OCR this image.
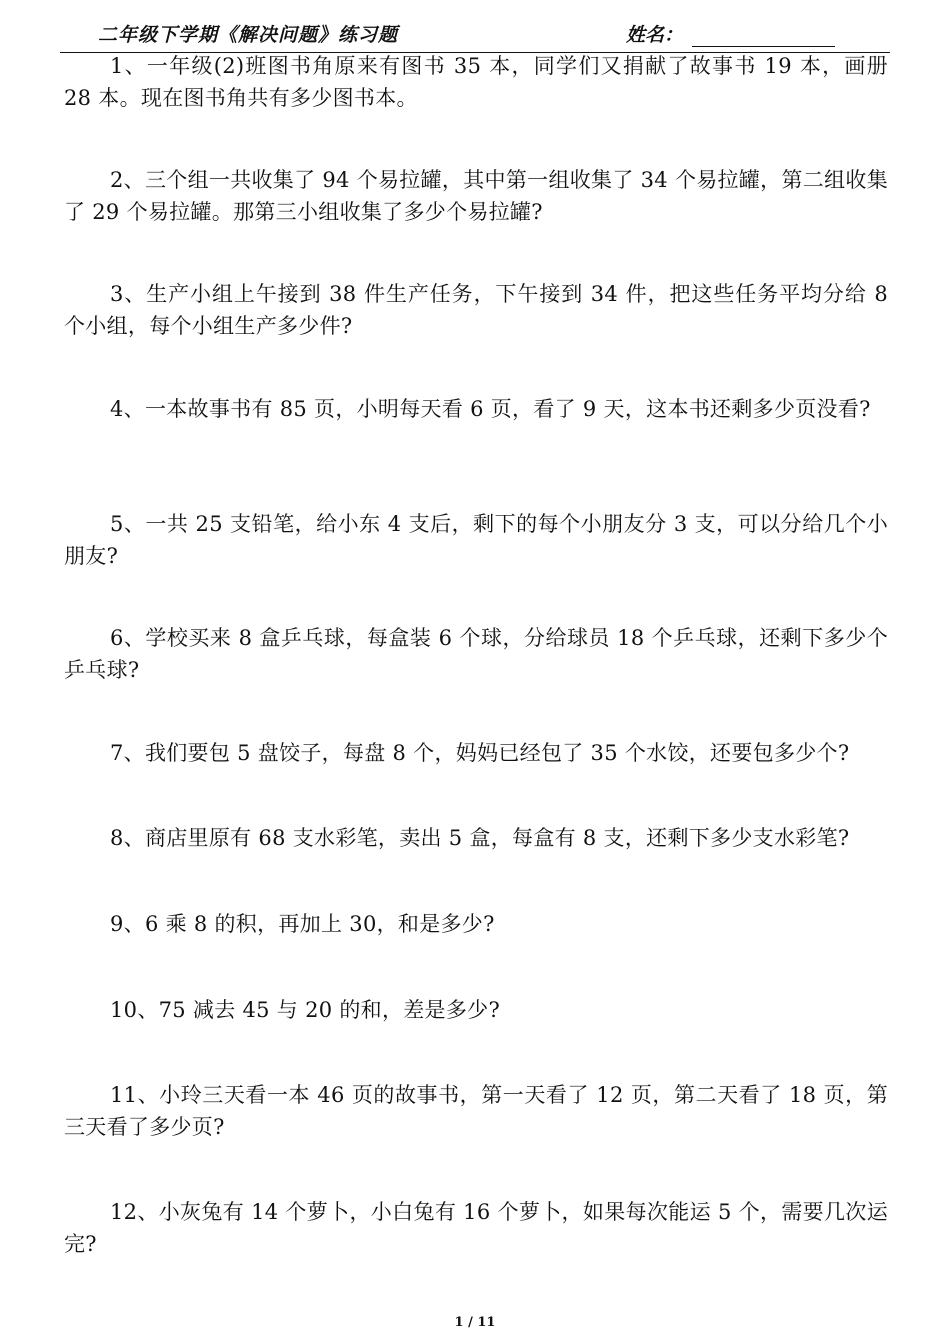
二年级下学期《解决问题》练习题	姓名：
1、一年级(2)班图书角原来有图书 35 本，同学们又捐献了故事书 19 本，画册 28 本。现在图书角共有多少图书本。
2、三个组一共收集了 94 个易拉罐，其中第一组收集了 34 个易拉罐，第二组收集了 29 个易拉罐。那第三小组收集了多少个易拉罐?
3、生产小组上午接到 38 件生产任务，下午接到 34 件，把这些任务平均分给 8 个小组，每个小组生产多少件?
4、一本故事书有 85 页，小明每天看 6 页，看了 9 天，这本书还剩多少页没看?
5、一共 25 支铅笔，给小东 4 支后，剩下的每个小朋友分 3 支，可以分给几个小朋友?
6、学校买来 8 盒乒乓球，每盒装 6 个球，分给球员 18 个乒乓球，还剩下多少个乒乓球?
7、我们要包 5 盘饺子，每盘 8 个，妈妈已经包了 35 个水饺，还要包多少个?
8、商店里原有 68 支水彩笔，卖出 5 盒，每盒有 8 支，还剩下多少支水彩笔?
9、6 乘 8 的积，再加上 30，和是多少?
10、75 减去 45 与 20 的和，差是多少?
11、小玲三天看一本 46 页的故事书，第一天看了 12 页，第二天看了 18 页，第三天看了多少页?
12、小灰兔有 14 个萝卜，小白兔有 16 个萝卜，如果每次能运 5 个，需要几次运完?
1 / 11
